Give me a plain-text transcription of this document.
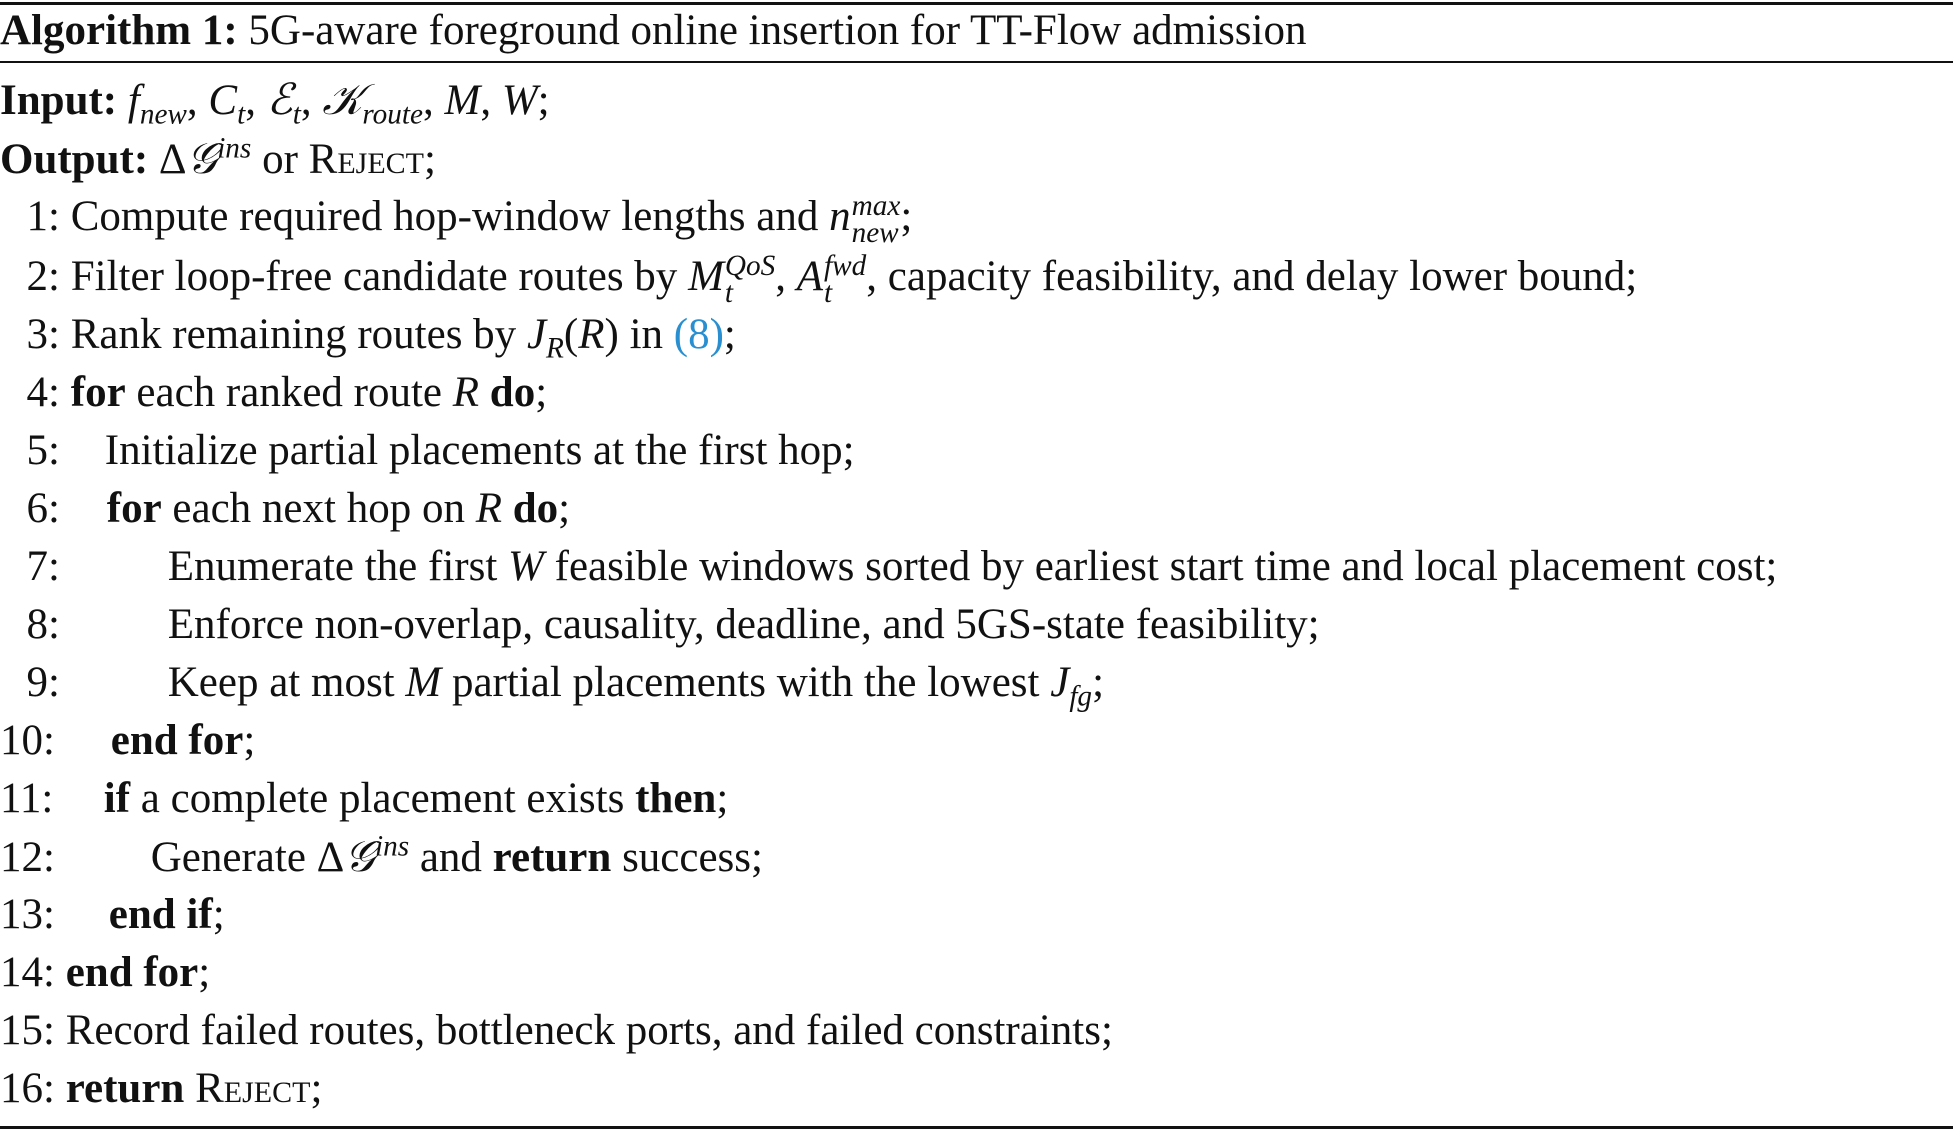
Algorithm 1: 5G-aware foreground online insertion for TT-Flow admission
Input: $f_{new}$, $C_t$, ℰ$_t$, 𝒦$_{route}$, M, W;
Output: Δ𝒢$^{ins}$ or Reject;
1: Compute required hop-window lengths and n max
new ;
2: Filter loop-free candidate routes by M QoS
t , A fwd
t , capacity feasibility, and delay lower bound;
3: Rank remaining routes by $J_R(R)$ in (8);
4: for each ranked route R do;
5: Initialize partial placements at the first hop;
6: for each next hop on R do;
7:	Enumerate the first W feasible windows sorted by earliest start time and local placement cost;
8:	Enforce non-overlap, causality, deadline, and 5GS-state feasibility;
9:	Keep at most M partial placements with the lowest $J_{fg}$;
10: end for;
11: if a complete placement exists then;
12: Generate Δ𝒢$^{ins}$ and return success;
13: end if;
14: end for;
15: Record failed routes, bottleneck ports, and failed constraints;
16: return Reject;
